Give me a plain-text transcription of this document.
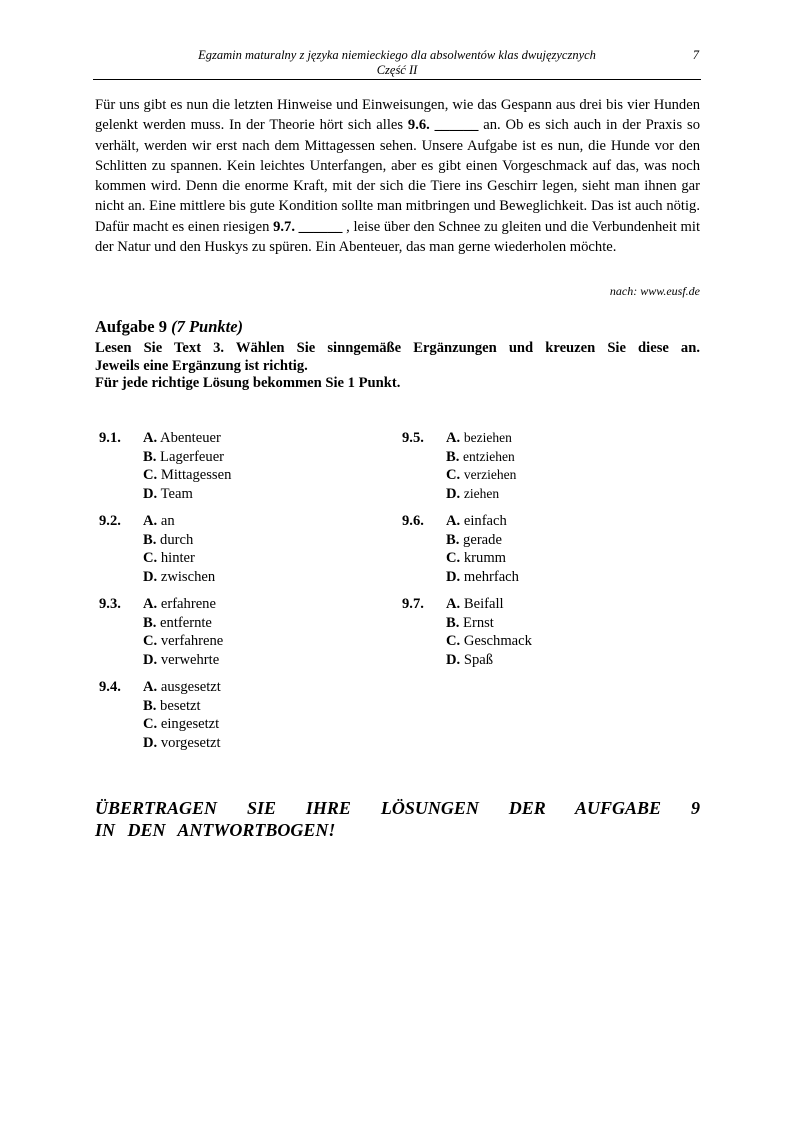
Egzamin maturalny z języka niemieckiego dla absolwentów klas dwujęzycznych
Część II
7

Für uns gibt es nun die letzten Hinweise und Einweisungen, wie das Gespann aus drei bis vier Hunden gelenkt werden muss. In der Theorie hört sich alles 9.6. ______ an. Ob es sich auch in der Praxis so verhält, werden wir erst nach dem Mittagessen sehen. Unsere Aufgabe ist es nun, die Hunde vor den Schlitten zu spannen. Kein leichtes Unterfangen, aber es gibt einen Vorgeschmack auf das, was noch kommen wird. Denn die enorme Kraft, mit der sich die Tiere ins Geschirr legen, sieht man ihnen gar nicht an. Eine mittlere bis gute Kondition sollte man mitbringen und Beweglichkeit. Das ist auch nötig. Dafür macht es einen riesigen 9.7. ______ , leise über den Schnee zu gleiten und die Verbundenheit mit der Natur und den Huskys zu spüren. Ein Abenteuer, das man gerne wiederholen möchte.

nach: www.eusf.de
Aufgabe 9 (7 Punkte)
Lesen Sie Text 3. Wählen Sie sinngemäße Ergänzungen und kreuzen Sie diese an.
Jeweils eine Ergänzung ist richtig.
Für jede richtige Lösung bekommen Sie 1 Punkt.
9.1. A. Abenteuer
B. Lagerfeuer
C. Mittagessen
D. Team
9.2. A. an
B. durch
C. hinter
D. zwischen
9.3. A. erfahrene
B. entfernte
C. verfahrene
D. verwehrte
9.4. A. ausgesetzt
B. besetzt
C. eingesetzt
D. vorgesetzt
9.5. A. beziehen
B. entziehen
C. verziehen
D. ziehen
9.6. A. einfach
B. gerade
C. krumm
D. mehrfach
9.7. A. Beifall
B. Ernst
C. Geschmack
D. Spaß
ÜBERTRAGEN SIE IHRE LÖSUNGEN DER AUFGABE 9
IN DEN ANTWORTBOGEN!
